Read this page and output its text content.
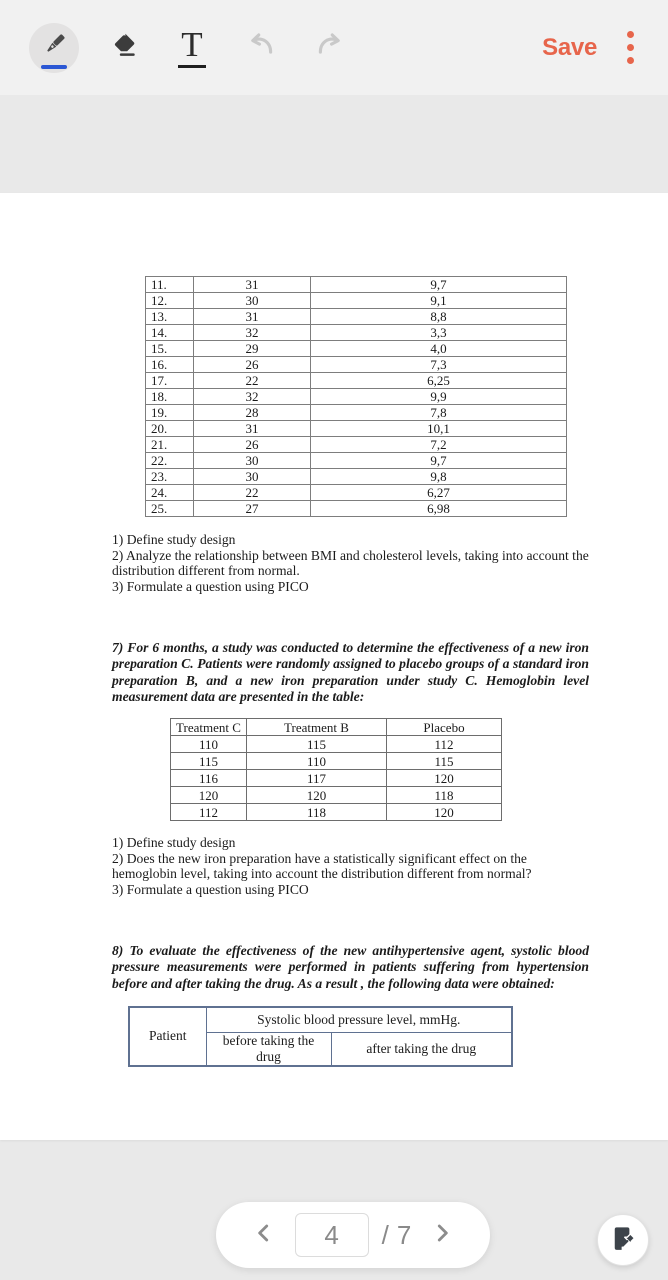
T	Save
11.	31	9,7
12.	30	9,1
13.	31	8,8
14.	32	3,3
15.	29	4,0
16.	26	7,3
17.	22	6,25
18.	32	9,9
19.	28	7,8
20.	31	10,1
21.	26	7,2
22.	30	9,7
23.	30	9,8
24.	22	6,27
25.	27	6,98

1) Define study design

2) Analyze the relationship between BMI and cholesterol levels, taking into account the distribution different from normal.

3) Formulate a question using PICO

7) For 6 months, a study was conducted to determine the effectiveness of a new iron preparation C. Patients were randomly assigned to placebo groups of a standard iron preparation B, and a new iron preparation under study C. Hemoglobin level measurement data are presented in the table:

Treatment C	Treatment B	Placebo
110	115	112
115	110	115
116	117	120
120	120	118
112	118	120

1) Define study design

2) Does the new iron preparation have a statistically significant effect on the hemoglobin level, taking into account the distribution different from normal?

3) Formulate a question using PICO

8) To evaluate the effectiveness of the new antihypertensive agent, systolic blood pressure measurements were performed in patients suffering from hypertension before and after taking the drug. As a result , the following data were obtained:

Patient	Systolic blood pressure level, mmHg.	
	before taking the drug	after taking the drug
4
/ 7
